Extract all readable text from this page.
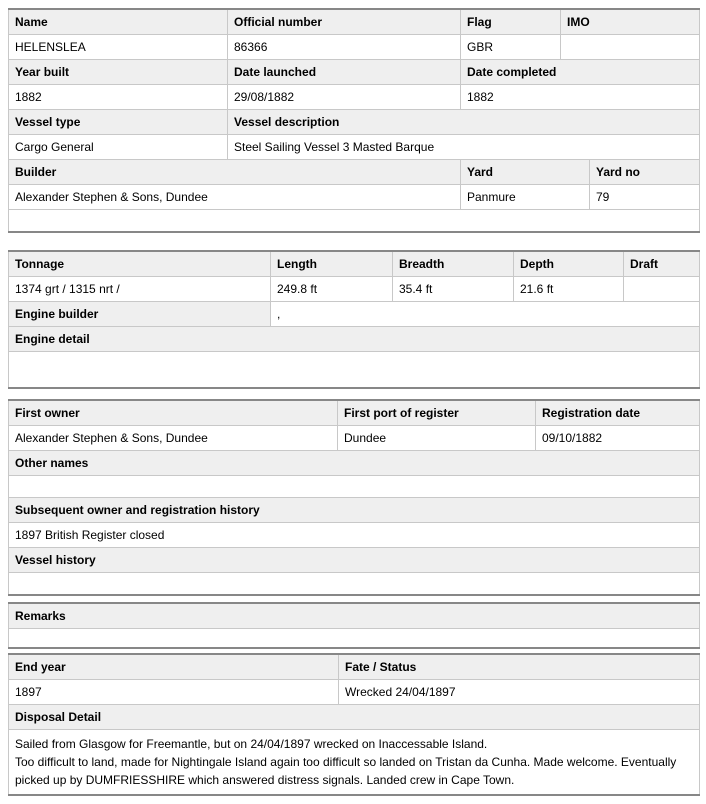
Name	Official number	Flag	IMO	
HELENSLEA	86366	GBR		
Year built	Date launched	Date completed		
1882	29/08/1882	1882		
Vessel type	Vessel description			
Cargo General	Steel Sailing Vessel 3 Masted Barque			
Builder		Yard		Yard no
Alexander Stephen & Sons, Dundee		Panmure		79

Tonnage	Length	Breadth	Depth	Draft
1374 grt / 1315 nrt /	249.8 ft	35.4 ft	21.6 ft	
Engine builder	,			
Engine detail				

First owner	First port of register	Registration date
Alexander Stephen & Sons, Dundee	Dundee	09/10/1882
Other names		

Subsequent owner and registration history		
1897 British Register closed		
Vessel history		

Remarks

End year	Fate / Status
1897	Wrecked 24/04/1897
Disposal Detail	

Sailed from Glasgow for Freemantle, but on 24/04/1897 wrecked on Inaccessable Island.
Too difficult to land, made for Nightingale Island again too difficult so landed on Tristan da Cunha. Made welcome. Eventually picked up by DUMFRIESSHIRE which answered distress signals. Landed crew in Cape Town.	
